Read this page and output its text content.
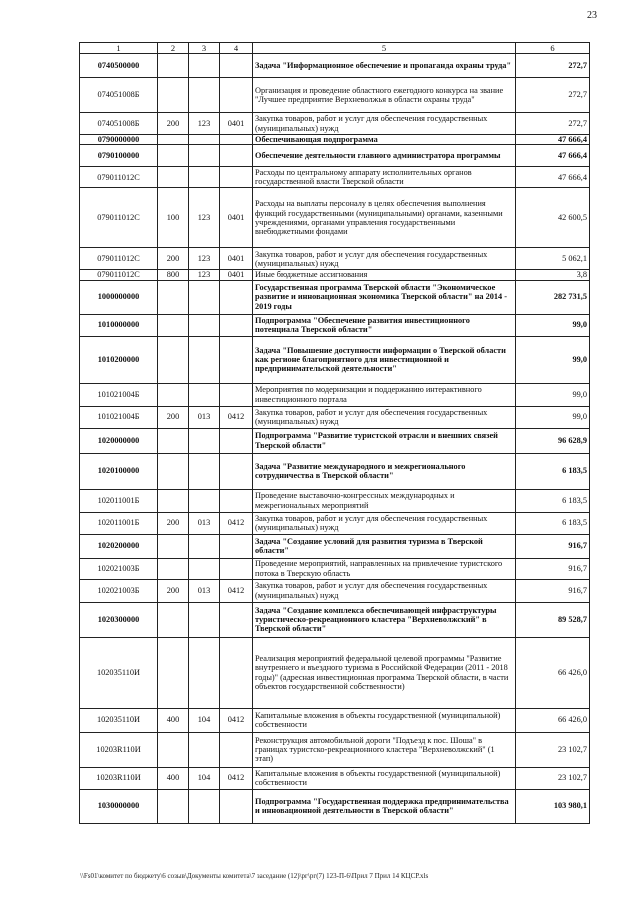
23
1	2	3	4	5	6
0740500000				Задача "Информационное обеспечение и пропаганда охраны труда"	272,7
074051008Б				Организация и проведение областного ежегодного конкурса на звание "Лучшее предприятие Верхневолжья в области охраны труда"	272,7
074051008Б	200	123	0401	Закупка товаров, работ и услуг для обеспечения государственных (муниципальных) нужд	272,7
0790000000				Обеспечивающая подпрограмма	47 666,4
0790100000				Обеспечение деятельности главного администратора программы	47 666,4
079011012С				Расходы по центральному аппарату исполнительных органов государственной власти Тверской области	47 666,4
079011012С	100	123	0401	Расходы на выплаты персоналу в целях обеспечения выполнения функций государственными (муниципальными) органами, казенными учреждениями, органами управления государственными внебюджетными фондами	42 600,5
079011012С	200	123	0401	Закупка товаров, работ и услуг для обеспечения государственных (муниципальных) нужд	5 062,1
079011012С	800	123	0401	Иные бюджетные ассигнования	3,8
1000000000				Государственная программа Тверской области "Экономическое развитие и инновационная экономика Тверской области" на 2014 - 2019 годы	282 731,5
1010000000				Подпрограмма "Обеспечение развития инвестиционного потенциала Тверской области"	99,0
1010200000				Задача "Повышение доступности информации о Тверской области как регионе благоприятного для инвестиционной и предпринимательской деятельности"	99,0
101021004Б				Мероприятия по модернизации и поддержанию интерактивного инвестиционного портала	99,0
101021004Б	200	013	0412	Закупка товаров, работ и услуг для обеспечения государственных (муниципальных) нужд	99,0
1020000000				Подпрограмма "Развитие туристской отрасли и внешних связей Тверской области"	96 628,9
1020100000				Задача "Развитие международного и межрегионального сотрудничества в Тверской области"	6 183,5
102011001Б				Проведение выставочно-конгрессных международных и межрегиональных мероприятий	6 183,5
102011001Б	200	013	0412	Закупка товаров, работ и услуг для обеспечения государственных (муниципальных) нужд	6 183,5
1020200000				Задача "Создание условий для развития туризма в Тверской области"	916,7
102021003Б				Проведение мероприятий, направленных на привлечение туристского потока в Тверскую область	916,7
102021003Б	200	013	0412	Закупка товаров, работ и услуг для обеспечения государственных (муниципальных) нужд	916,7
1020300000				Задача "Создание комплекса обеспечивающей инфраструктуры туристическо-рекреационного кластера "Верхневолжский" в Тверской области"	89 528,7
102035110И				Реализация мероприятий федеральной целевой программы "Развитие внутреннего и въездного туризма в Российской Федерации (2011 - 2018 годы)" (адресная инвестиционная программа Тверской области, в части объектов государственной собственности)	66 426,0
102035110И	400	104	0412	Капитальные вложения в объекты государственной (муниципальной) собственности	66 426,0
10203R110И				Реконструкция автомобильной дороги "Подъезд к пос. Шоша" в границах туристско-рекреационного кластера "Верхневолжский" (1 этап)	23 102,7
10203R110И	400	104	0412	Капитальные вложения в объекты государственной (муниципальной) собственности	23 102,7
1030000000				Подпрограмма "Государственная поддержка предпринимательства и инновационной деятельности в Тверской области"	103 980,1
\\Fs01\комитет по бюджету\6 созыв\Документы комитета\7 заседание (12)\рг\рг(7) 123-П-6\Прил 7 Прил 14 КЦСР.xls
